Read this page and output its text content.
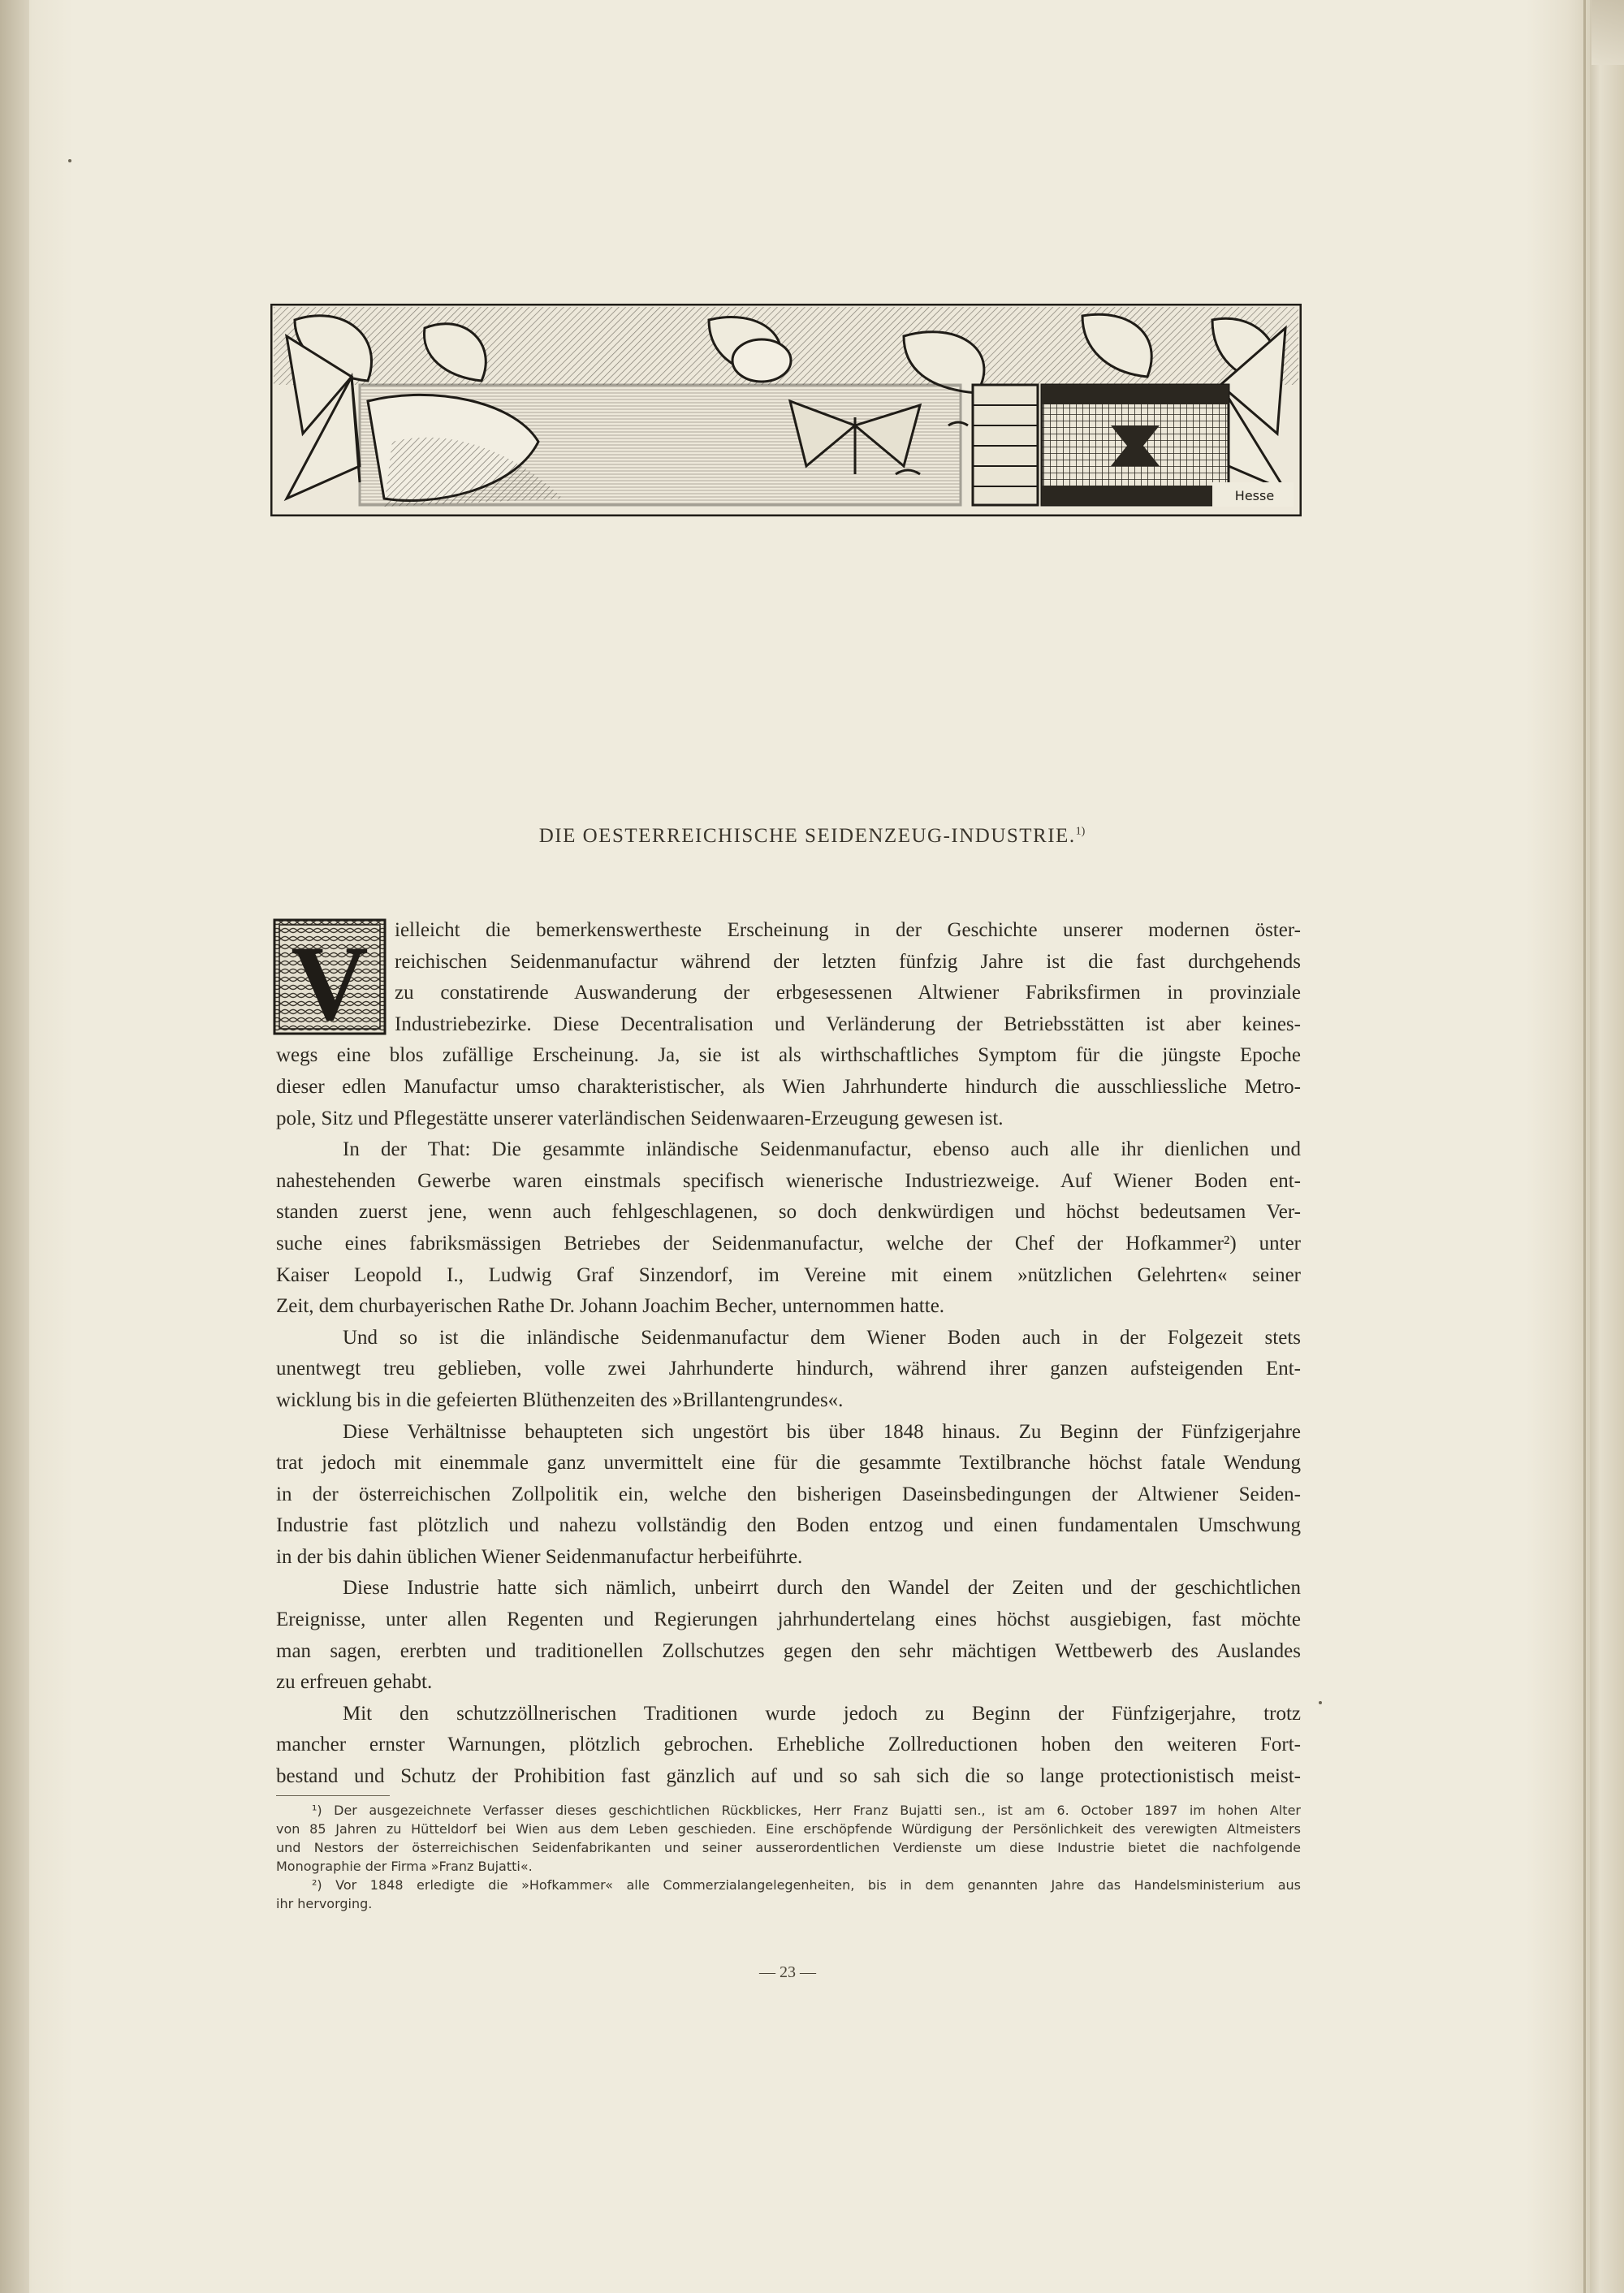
Hesse
DIE OESTERREICHISCHE SEIDENZEUG-INDUSTRIE.$^{1)}$
V	ielleicht die bemerkenswertheste Erscheinung in der Geschichte unserer modernen öster-
reichischen Seidenmanufactur während der letzten fünfzig Jahre ist die fast durchgehends
zu constatirende Auswanderung der erbgesessenen Altwiener Fabriksfirmen in provinziale
Industriebezirke. Diese Decentralisation und Verländerung der Betriebsstätten ist aber keines-
wegs eine blos zufällige Erscheinung. Ja, sie ist als wirthschaftliches Symptom für die jüngste Epoche
dieser edlen Manufactur umso charakteristischer, als Wien Jahrhunderte hindurch die ausschliessliche Metro-
pole, Sitz und Pflegestätte unserer vaterländischen Seidenwaaren-Erzeugung gewesen ist.
In der That: Die gesammte inländische Seidenmanufactur, ebenso auch alle ihr dienlichen und
nahestehenden Gewerbe waren einstmals specifisch wienerische Industriezweige. Auf Wiener Boden ent-
standen zuerst jene, wenn auch fehlgeschlagenen, so doch denkwürdigen und höchst bedeutsamen Ver-
suche eines fabriksmässigen Betriebes der Seidenmanufactur, welche der Chef der Hofkammer²) unter
Kaiser Leopold I., Ludwig Graf Sinzendorf, im Vereine mit einem »nützlichen Gelehrten« seiner
Zeit, dem churbayerischen Rathe Dr. Johann Joachim Becher, unternommen hatte.
Und so ist die inländische Seidenmanufactur dem Wiener Boden auch in der Folgezeit stets
unentwegt treu geblieben, volle zwei Jahrhunderte hindurch, während ihrer ganzen aufsteigenden Ent-
wicklung bis in die gefeierten Blüthenzeiten des »Brillantengrundes«.
Diese Verhältnisse behaupteten sich ungestört bis über 1848 hinaus. Zu Beginn der Fünfzigerjahre
trat jedoch mit einemmale ganz unvermittelt eine für die gesammte Textilbranche höchst fatale Wendung
in der österreichischen Zollpolitik ein, welche den bisherigen Daseinsbedingungen der Altwiener Seiden-
Industrie fast plötzlich und nahezu vollständig den Boden entzog und einen fundamentalen Umschwung
in der bis dahin üblichen Wiener Seidenmanufactur herbeiführte.
Diese Industrie hatte sich nämlich, unbeirrt durch den Wandel der Zeiten und der geschichtlichen
Ereignisse, unter allen Regenten und Regierungen jahrhundertelang eines höchst ausgiebigen, fast möchte
man sagen, ererbten und traditionellen Zollschutzes gegen den sehr mächtigen Wettbewerb des Auslandes
zu erfreuen gehabt.
Mit den schutzzöllnerischen Traditionen wurde jedoch zu Beginn der Fünfzigerjahre, trotz
mancher ernster Warnungen, plötzlich gebrochen. Erhebliche Zollreductionen hoben den weiteren Fort-
bestand und Schutz der Prohibition fast gänzlich auf und so sah sich die so lange protectionistisch meist-
¹) Der ausgezeichnete Verfasser dieses geschichtlichen Rückblickes, Herr Franz Bujatti sen., ist am 6. October 1897 im hohen Alter
von 85 Jahren zu Hütteldorf bei Wien aus dem Leben geschieden. Eine erschöpfende Würdigung der Persönlichkeit des verewigten Altmeisters
und Nestors der österreichischen Seidenfabrikanten und seiner ausserordentlichen Verdienste um diese Industrie bietet die nachfolgende
Monographie der Firma »Franz Bujatti«.
²) Vor 1848 erledigte die »Hofkammer« alle Commerzialangelegenheiten, bis in dem genannten Jahre das Handelsministerium aus
ihr hervorging.
— 23 —
